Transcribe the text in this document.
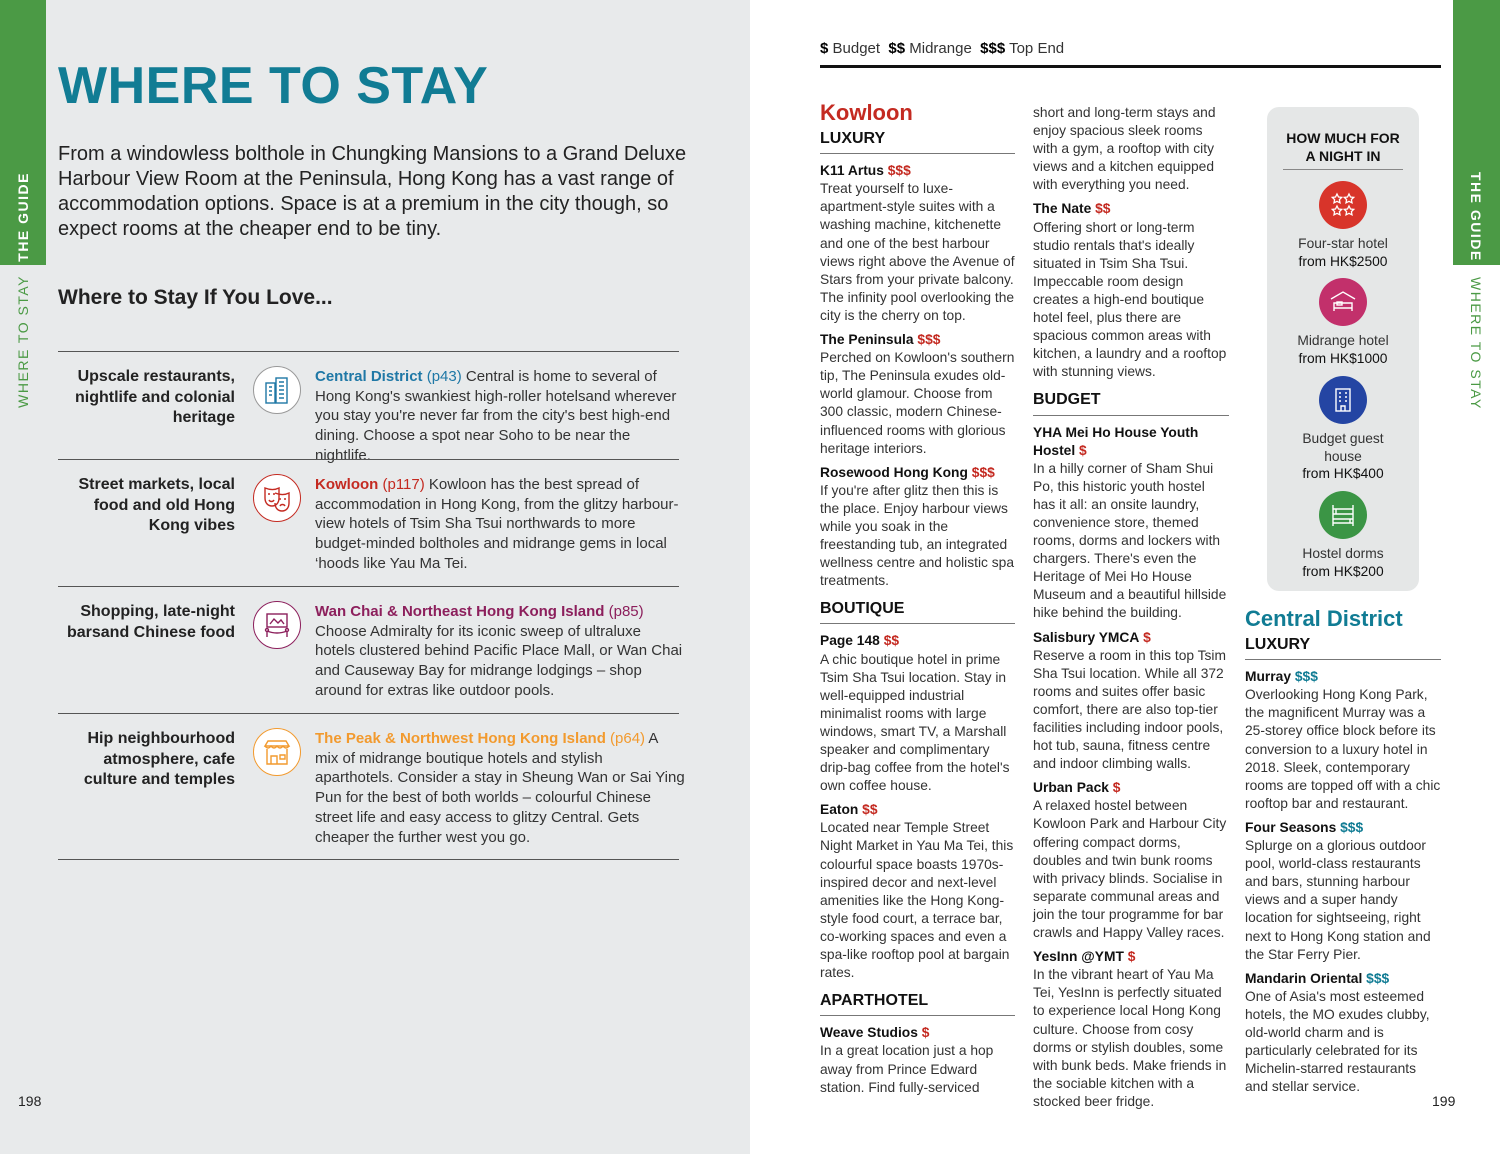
THE GUIDE
WHERE TO STAY
WHERE TO STAY
From a windowless bolthole in Chungking Mansions to a Grand Deluxe Harbour View Room at the Peninsula, Hong Kong has a vast range of accommodation options. Space is at a premium in the city though, so expect rooms at the cheaper end to be tiny.
Where to Stay If You Love...
Upscale restaurants, nightlife and colonial heritage
Central District (p43) Central is home to several of Hong Kong's swankiest high-roller hotelsand wherever you stay you're never far from the city's best high-end dining. Choose a spot near Soho to be near the nightlife.
Street markets, local food and old Hong Kong vibes
Kowloon (p117) Kowloon has the best spread of accommodation in Hong Kong, from the glitzy harbour-view hotels of Tsim Sha Tsui northwards to more budget-minded boltholes and midrange gems in local ‘hoods like Yau Ma Tei.
Shopping, late-night barsand Chinese food
Wan Chai & Northeast Hong Kong Island (p85) Choose Admiralty for its iconic sweep of ultraluxe hotels clustered behind Pacific Place Mall, or Wan Chai and Causeway Bay for midrange lodgings – shop around for extras like outdoor pools.
Hip neighbourhood atmosphere, cafe culture and temples
The Peak & Northwest Hong Kong Island (p64) A mix of midrange boutique hotels and stylish aparthotels. Consider a stay in Sheung Wan or Sai Ying Pun for the best of both worlds – colourful Chinese street life and easy access to glitzy Central. Gets cheaper the further west you go.
198
THE GUIDE
WHERE TO STAY
199
$ Budget $$ Midrange $$$ Top End
Kowloon
LUXURY

K11 Artus $$$
Treat yourself to luxe-apartment-style suites with a washing machine, kitchenette and one of the best harbour views right above the Avenue of Stars from your private balcony. The infinity pool overlooking the city is the cherry on top.

The Peninsula $$$
Perched on Kowloon's southern tip, The Peninsula exudes old-world glamour. Choose from 300 classic, modern Chinese-influenced rooms with glorious heritage interiors.

Rosewood Hong Kong $$$
If you're after glitz then this is the place. Enjoy harbour views while you soak in the freestanding tub, an integrated wellness centre and holistic spa treatments.

BOUTIQUE

Page 148 $$
A chic boutique hotel in prime Tsim Sha Tsui location. Stay in well-equipped industrial minimalist rooms with large windows, smart TV, a Marshall speaker and complimentary drip-bag coffee from the hotel's own coffee house.

Eaton $$
Located near Temple Street Night Market in Yau Ma Tei, this colourful space boasts 1970s-inspired decor and next-level amenities like the Hong Kong-style food court, a terrace bar, co-working spaces and even a spa-like rooftop pool at bargain rates.

APARTHOTEL

Weave Studios $
In a great location just a hop away from Prince Edward station. Find fully-serviced

short and long-term stays and enjoy spacious sleek rooms with a gym, a rooftop with city views and a kitchen equipped with everything you need.

The Nate $$
Offering short or long-term studio rentals that's ideally situated in Tsim Sha Tsui. Impeccable room design creates a high-end boutique hotel feel, plus there are spacious common areas with kitchen, a laundry and a rooftop with stunning views.

BUDGET

YHA Mei Ho House Youth Hostel $
In a hilly corner of Sham Shui Po, this historic youth hostel has it all: an onsite laundry, convenience store, themed rooms, dorms and lockers with chargers. There's even the Heritage of Mei Ho House Museum and a beautiful hillside hike behind the building.

Salisbury YMCA $
Reserve a room in this top Tsim Sha Tsui location. While all 372 rooms and suites offer basic comfort, there are also top-tier facilities including indoor pools, hot tub, sauna, fitness centre and indoor climbing walls.

Urban Pack $
A relaxed hostel between Kowloon Park and Harbour City offering compact dorms, doubles and twin bunk rooms with privacy blinds. Socialise in separate communal areas and join the tour programme for bar crawls and Happy Valley races.

YesInn @YMT $
In the vibrant heart of Yau Ma Tei, YesInn is perfectly situated to experience local Hong Kong culture. Choose from cosy dorms or stylish doubles, some with bunk beds. Make friends in the sociable kitchen with a stocked beer fridge.

HOW MUCH FOR A NIGHT IN
Four-star hotel
from HK$2500
Midrange hotel
from HK$1000
Budget guest house
from HK$400
Hostel dorms
from HK$200
Central District
LUXURY

Murray $$$
Overlooking Hong Kong Park, the magnificent Murray was a 25-storey office block before its conversion to a luxury hotel in 2018. Sleek, contemporary rooms are topped off with a chic rooftop bar and restaurant.

Four Seasons $$$
Splurge on a glorious outdoor pool, world-class restaurants and bars, stunning harbour views and a super handy location for sightseeing, right next to Hong Kong station and the Star Ferry Pier.

Mandarin Oriental $$$
One of Asia's most esteemed hotels, the MO exudes clubby, old-world charm and is particularly celebrated for its Michelin-starred restaurants and stellar service.
